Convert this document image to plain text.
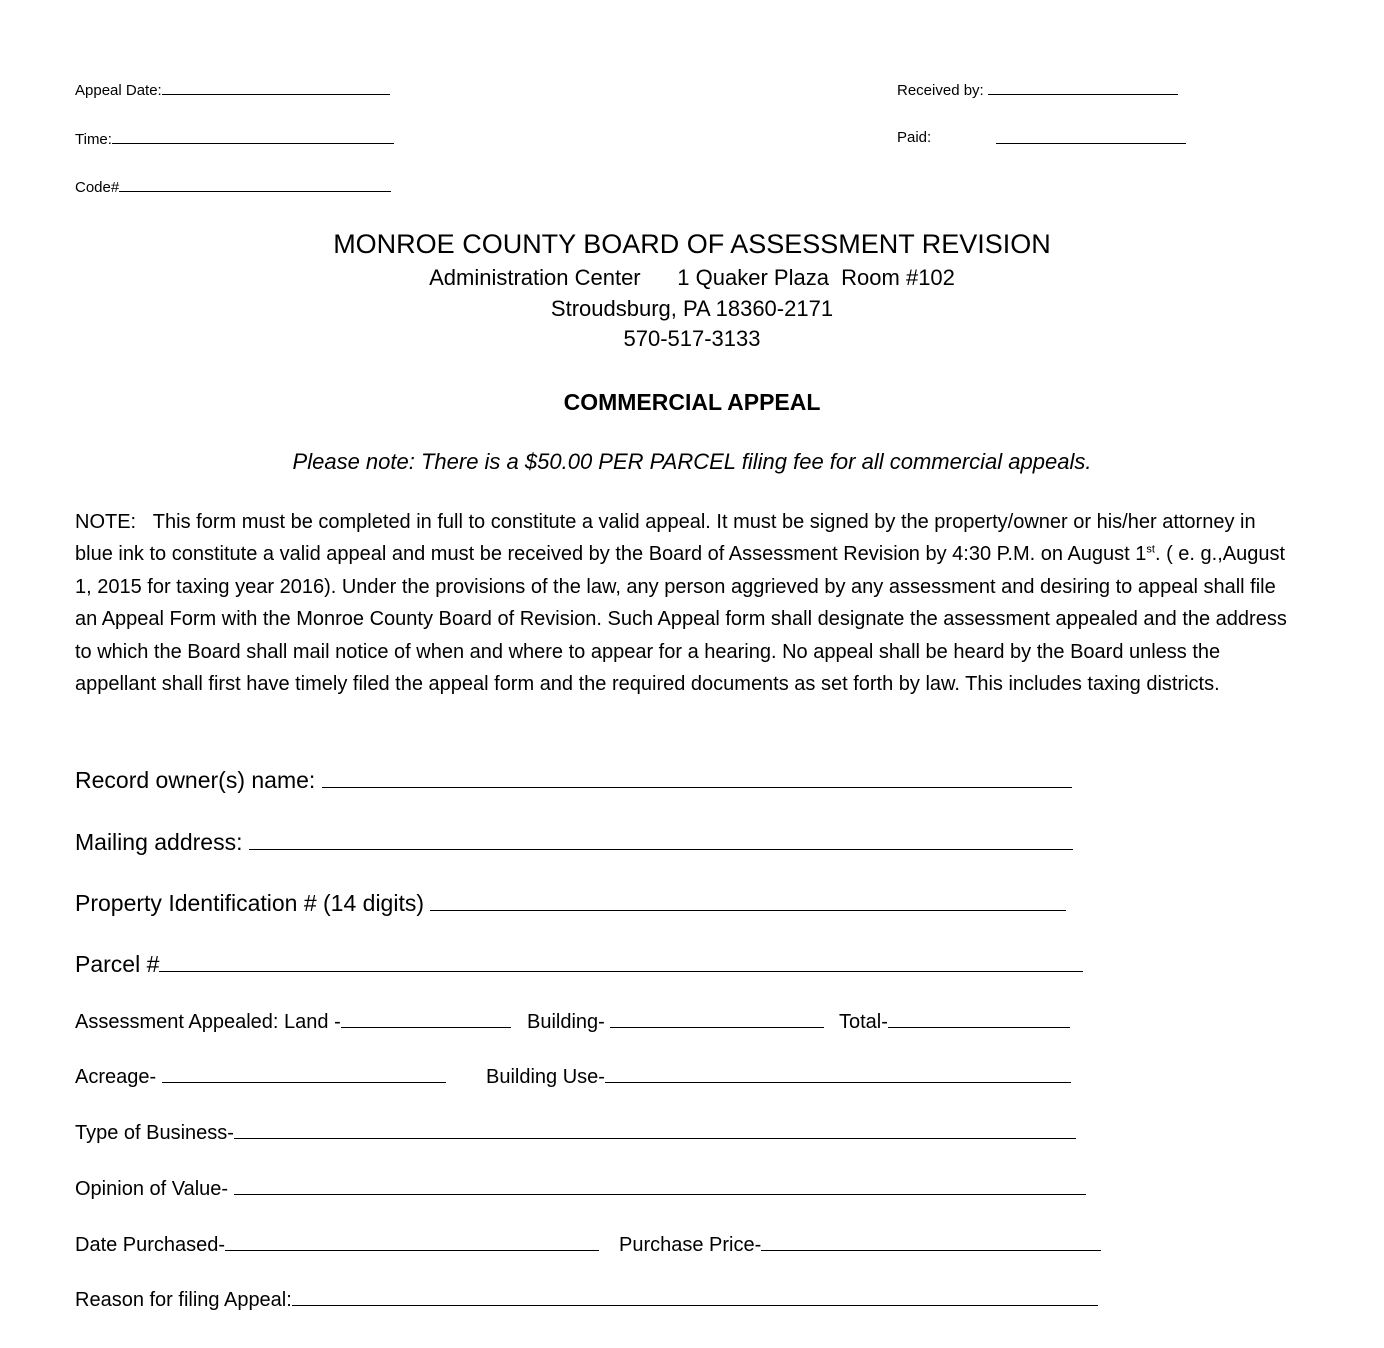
Appeal Date:
Time:
Code#
Received by:
Paid:
MONROE COUNTY BOARD OF ASSESSMENT REVISION
Administration Center      1 Quaker Plaza  Room #102
Stroudsburg, PA 18360-2171
570-517-3133
COMMERCIAL APPEAL
Please note: There is a $50.00 PER PARCEL filing fee for all commercial appeals.

NOTE: This form must be completed in full to constitute a valid appeal. It must be signed by the property/owner or his/her attorney in blue ink to constitute a valid appeal and must be received by the Board of Assessment Revision by 4:30 P.M. on August 1st. ( e. g.,August 1, 2015 for taxing year 2016). Under the provisions of the law, any person aggrieved by any assessment and desiring to appeal shall file an Appeal Form with the Monroe County Board of Revision. Such Appeal form shall designate the assessment appealed and the address to which the Board shall mail notice of when and where to appear for a hearing. No appeal shall be heard by the Board unless the appellant shall first have timely filed the appeal form and the required documents as set forth by law. This includes taxing districts.

Record owner(s) name:
Mailing address:
Property Identification # (14 digits)
Parcel #
Assessment Appealed: Land -	Building-	Total-
Acreage-	Building Use-
Type of Business-
Opinion of Value-
Date Purchased-	Purchase Price-
Reason for filing Appeal:
